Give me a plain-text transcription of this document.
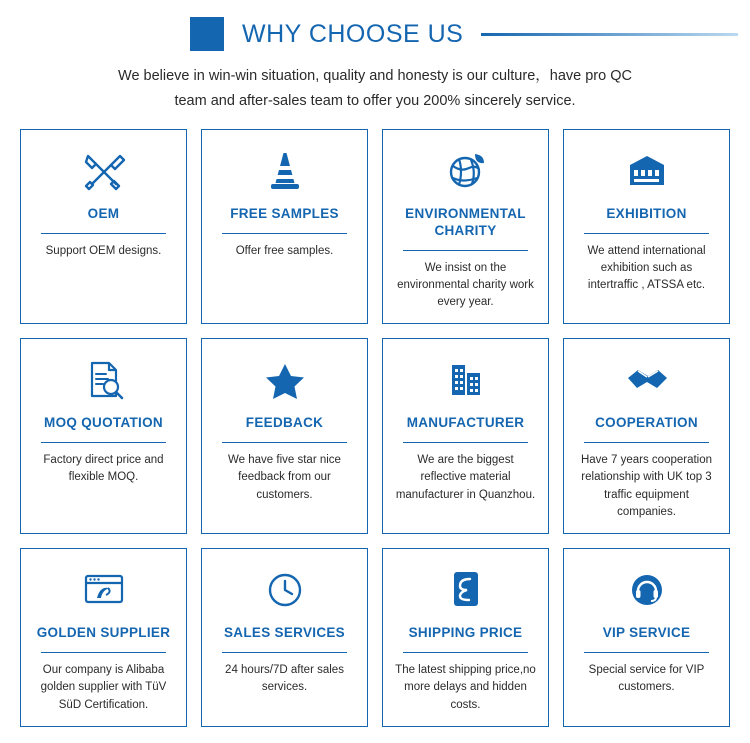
WHY CHOOSE US
We believe in win-win situation, quality and honesty is our culture，have pro QC
team and after-sales team to offer you 200% sincerely service.
OEM
Support OEM designs.
FREE SAMPLES
Offer free samples.
ENVIRONMENTAL CHARITY
We insist on the environmental charity work every year.
EXHIBITION
We attend international exhibition such as intertraffic , ATSSA etc.
MOQ QUOTATION
Factory direct price and flexible MOQ.
FEEDBACK
We have five star nice feedback from our customers.
MANUFACTURER
We are the biggest reflective material manufacturer in Quanzhou.
COOPERATION
Have 7 years cooperation relationship with UK top 3 traffic equipment companies.
GOLDEN SUPPLIER
Our company is Alibaba golden supplier with TüV SüD Certification.
SALES SERVICES
24 hours/7D after sales services.
SHIPPING PRICE
The latest shipping price,no more delays and hidden costs.
VIP SERVICE
Special service for VIP customers.
